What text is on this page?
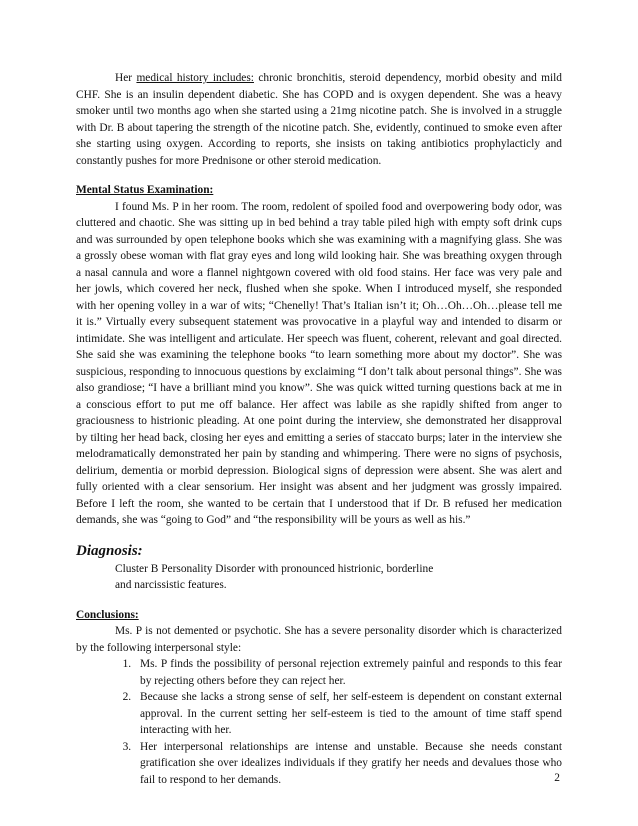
Her medical history includes: chronic bronchitis, steroid dependency, morbid obesity and mild CHF. She is an insulin dependent diabetic. She has COPD and is oxygen dependent. She was a heavy smoker until two months ago when she started using a 21mg nicotine patch. She is involved in a struggle with Dr. B about tapering the strength of the nicotine patch. She, evidently, continued to smoke even after she starting using oxygen. According to reports, she insists on taking antibiotics prophylacticly and constantly pushes for more Prednisone or other steroid medication.

Mental Status Examination:

I found Ms. P in her room. The room, redolent of spoiled food and overpowering body odor, was cluttered and chaotic. She was sitting up in bed behind a tray table piled high with empty soft drink cups and was surrounded by open telephone books which she was examining with a magnifying glass. She was a grossly obese woman with flat gray eyes and long wild looking hair. She was breathing oxygen through a nasal cannula and wore a flannel nightgown covered with old food stains. Her face was very pale and her jowls, which covered her neck, flushed when she spoke. When I introduced myself, she responded with her opening volley in a war of wits; “Chenelly! That’s Italian isn’t it; Oh…Oh…Oh…please tell me it is.” Virtually every subsequent statement was provocative in a playful way and intended to disarm or intimidate. She was intelligent and articulate. Her speech was fluent, coherent, relevant and goal directed. She said she was examining the telephone books “to learn something more about my doctor”. She was suspicious, responding to innocuous questions by exclaiming “I don’t talk about personal things”. She was also grandiose; “I have a brilliant mind you know”. She was quick witted turning questions back at me in a conscious effort to put me off balance. Her affect was labile as she rapidly shifted from anger to graciousness to histrionic pleading. At one point during the interview, she demonstrated her disapproval by tilting her head back, closing her eyes and emitting a series of staccato burps; later in the interview she melodramatically demonstrated her pain by standing and whimpering. There were no signs of psychosis, delirium, dementia or morbid depression. Biological signs of depression were absent. She was alert and fully oriented with a clear sensorium. Her insight was absent and her judgment was grossly impaired. Before I left the room, she wanted to be certain that I understood that if Dr. B refused her medication demands, she was “going to God” and “the responsibility will be yours as well as his.”

Diagnosis:
Cluster B Personality Disorder with pronounced histrionic, borderline
and narcissistic features.
Conclusions:

Ms. P is not demented or psychotic. She has a severe personality disorder which is characterized by the following interpersonal style:

1. Ms. P finds the possibility of personal rejection extremely painful and responds to this fear by rejecting others before they can reject her.
2. Because she lacks a strong sense of self, her self-esteem is dependent on constant external approval. In the current setting her self-esteem is tied to the amount of time staff spend interacting with her.
3. Her interpersonal relationships are intense and unstable. Because she needs constant gratification she over idealizes individuals if they gratify her needs and devalues those who fail to respond to her demands.	2
